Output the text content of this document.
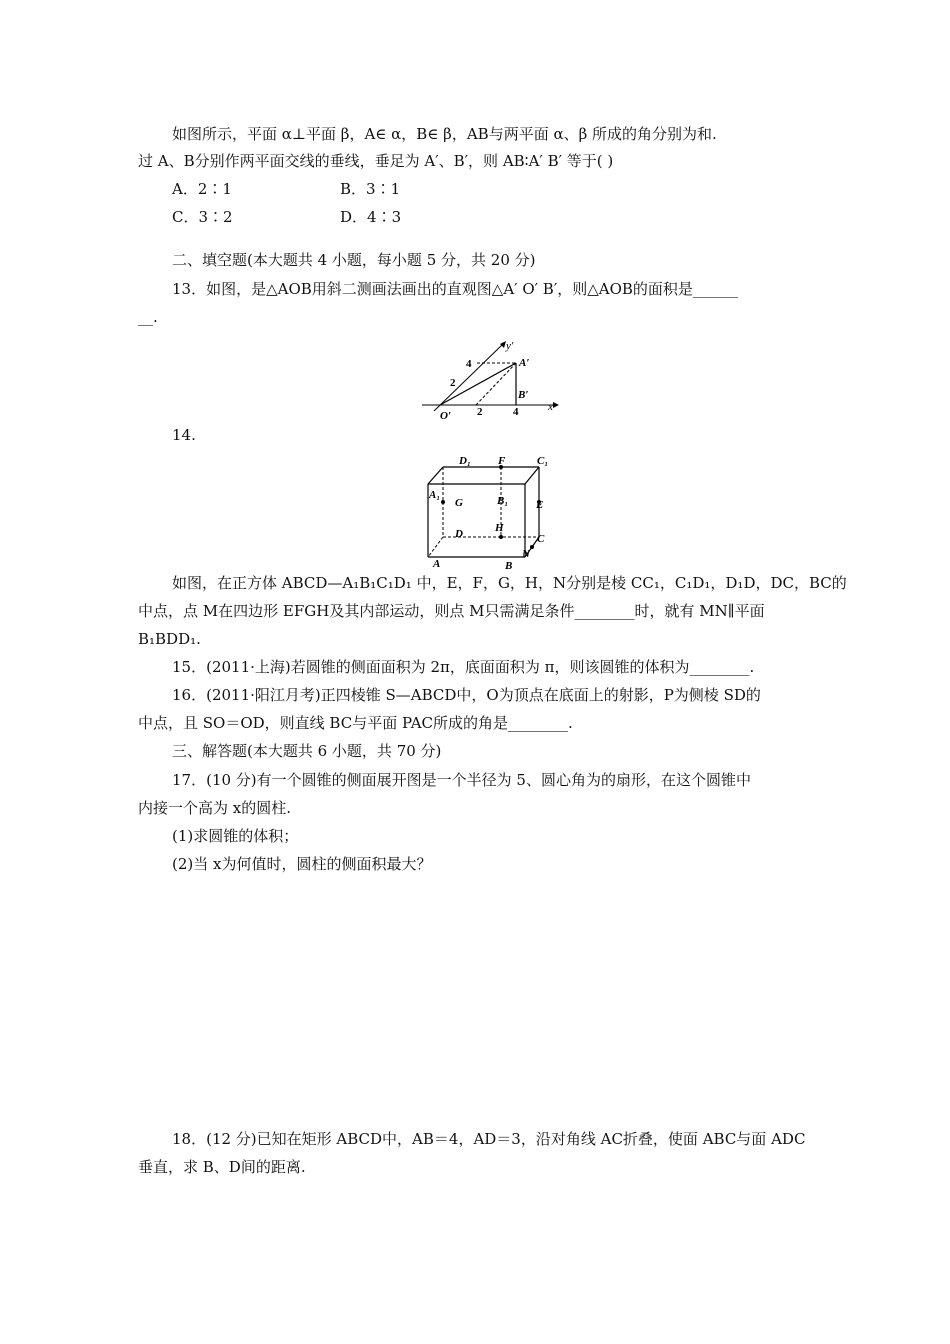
如图所示，平面 α⊥平面 β，A∈ α，B∈ β，AB与两平面 α、β 所成的角分别为和.
过 A、B分别作两平面交线的垂线，垂足为 A′、B′，则 AB∶A′ B′ 等于( )
A．2∶1	B．3∶1
C．3∶2	D．4∶3
二、填空题(本大题共 4 小题，每小题 5 分，共 20 分)
13．如图，是△AOB用斜二测画法画出的直观图△A′ O′ B′，则△AOB的面积是______
__.
y′
x
4
2
2	4
A′
B′
O′
14.
D₁ F	C₁
A₁
G	B₁	E
D	H
C
N
A	B
如图，在正方体 ABCD—A₁B₁C₁D₁ 中，E，F，G，H，N分别是棱 CC₁，C₁D₁，D₁D，DC，BC的
中点，点 M在四边形 EFGH及其内部运动，则点 M只需满足条件________时，就有 MN∥平面
B₁BDD₁.
15．(2011·上海)若圆锥的侧面面积为 2π，底面面积为 π，则该圆锥的体积为________.
16．(2011·阳江月考)正四棱锥 S—ABCD中，O为顶点在底面上的射影，P为侧棱 SD的
中点，且 SO＝OD，则直线 BC与平面 PAC所成的角是________.
三、解答题(本大题共 6 小题，共 70 分)
17．(10 分)有一个圆锥的侧面展开图是一个半径为 5、圆心角为的扇形，在这个圆锥中
内接一个高为 x的圆柱.
(1)求圆锥的体积；
(2)当 x为何值时，圆柱的侧面积最大？
18．(12 分)已知在矩形 ABCD中，AB＝4，AD＝3，沿对角线 AC折叠，使面 ABC与面 ADC
垂直，求 B、D间的距离.
